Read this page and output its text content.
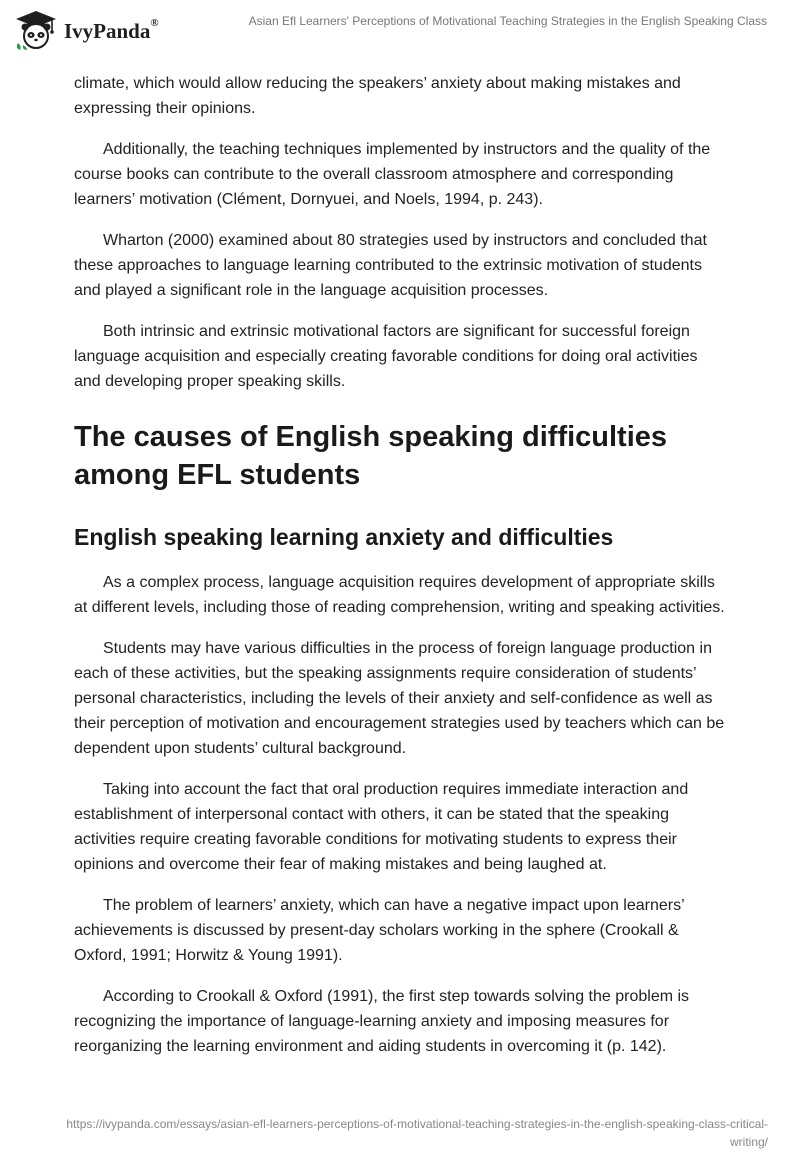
IvyPanda®	Asian Efl Learners' Perceptions of Motivational Teaching Strategies in the English Speaking Class

climate, which would allow reducing the speakers’ anxiety about making mistakes and expressing their opinions.

Additionally, the teaching techniques implemented by instructors and the quality of the course books can contribute to the overall classroom atmosphere and corresponding learners’ motivation (Clément, Dornyuei, and Noels, 1994, p. 243).

Wharton (2000) examined about 80 strategies used by instructors and concluded that these approaches to language learning contributed to the extrinsic motivation of students and played a significant role in the language acquisition processes.

Both intrinsic and extrinsic motivational factors are significant for successful foreign language acquisition and especially creating favorable conditions for doing oral activities and developing proper speaking skills.

The causes of English speaking difficulties among EFL students
English speaking learning anxiety and difficulties

As a complex process, language acquisition requires development of appropriate skills at different levels, including those of reading comprehension, writing and speaking activities.

Students may have various difficulties in the process of foreign language production in each of these activities, but the speaking assignments require consideration of students’ personal characteristics, including the levels of their anxiety and self-confidence as well as their perception of motivation and encouragement strategies used by teachers which can be dependent upon students’ cultural background.

Taking into account the fact that oral production requires immediate interaction and establishment of interpersonal contact with others, it can be stated that the speaking activities require creating favorable conditions for motivating students to express their opinions and overcome their fear of making mistakes and being laughed at.

The problem of learners’ anxiety, which can have a negative impact upon learners’ achievements is discussed by present-day scholars working in the sphere (Crookall & Oxford, 1991; Horwitz & Young 1991).

According to Crookall & Oxford (1991), the first step towards solving the problem is recognizing the importance of language-learning anxiety and imposing measures for reorganizing the learning environment and aiding students in overcoming it (p. 142).

https://ivypanda.com/essays/asian-efl-learners-perceptions-of-motivational-teaching-strategies-in-the-english-speaking-class-critical-writing/
